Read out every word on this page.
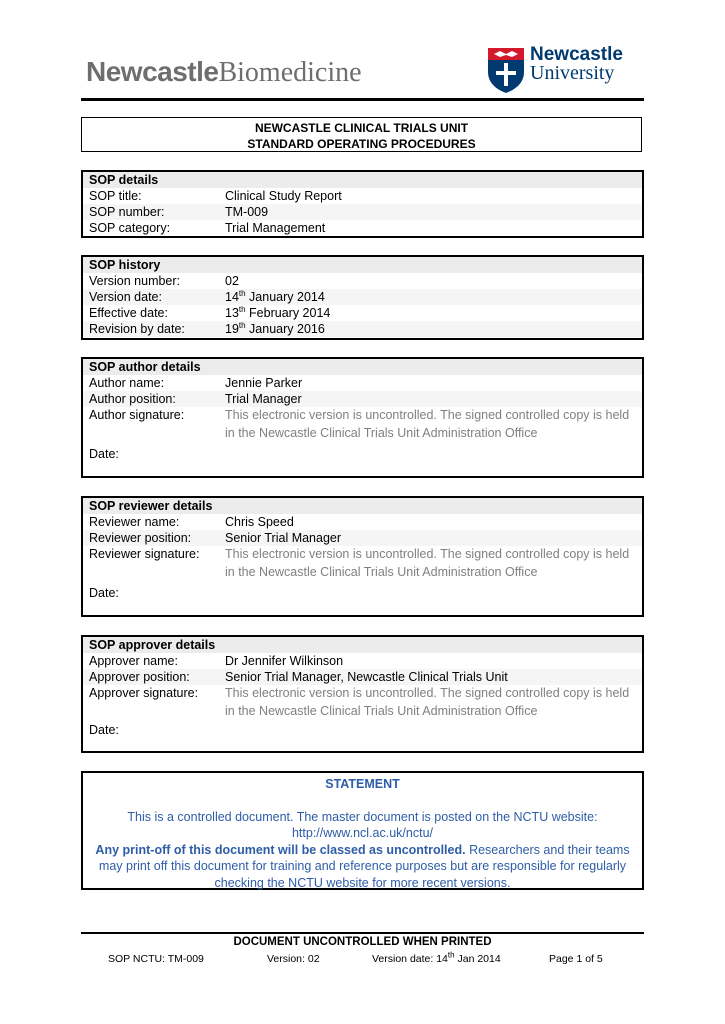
NewcastleBiomedicine
Newcastle
University
NEWCASTLE CLINICAL TRIALS UNIT
STANDARD OPERATING PROCEDURES
SOP details
SOP title:	Clinical Study Report
SOP number:	TM-009
SOP category:	Trial Management
SOP history
Version number:	02
Version date:	14th January 2014
Effective date:	13th February 2014
Revision by date:	19th January 2016
SOP author details
Author name:	Jennie Parker
Author position:	Trial Manager
Author signature:	This electronic version is uncontrolled. The signed controlled copy is held in the Newcastle Clinical Trials Unit Administration Office
Date:
SOP reviewer details
Reviewer name:	Chris Speed
Reviewer position:	Senior Trial Manager
Reviewer signature:	This electronic version is uncontrolled. The signed controlled copy is held in the Newcastle Clinical Trials Unit Administration Office
Date:
SOP approver details
Approver name:	Dr Jennifer Wilkinson
Approver position:	Senior Trial Manager, Newcastle Clinical Trials Unit
Approver signature:	This electronic version is uncontrolled. The signed controlled copy is held in the Newcastle Clinical Trials Unit Administration Office
Date:
STATEMENT
This is a controlled document. The master document is posted on the NCTU website:
http://www.ncl.ac.uk/nctu/
Any print-off of this document will be classed as uncontrolled. Researchers and their teams may print off this document for training and reference purposes but are responsible for regularly checking the NCTU website for more recent versions.
DOCUMENT UNCONTROLLED WHEN PRINTED
SOP NCTU: TM-009	Version: 02	Version date: 14th Jan 2014	Page 1 of 5
